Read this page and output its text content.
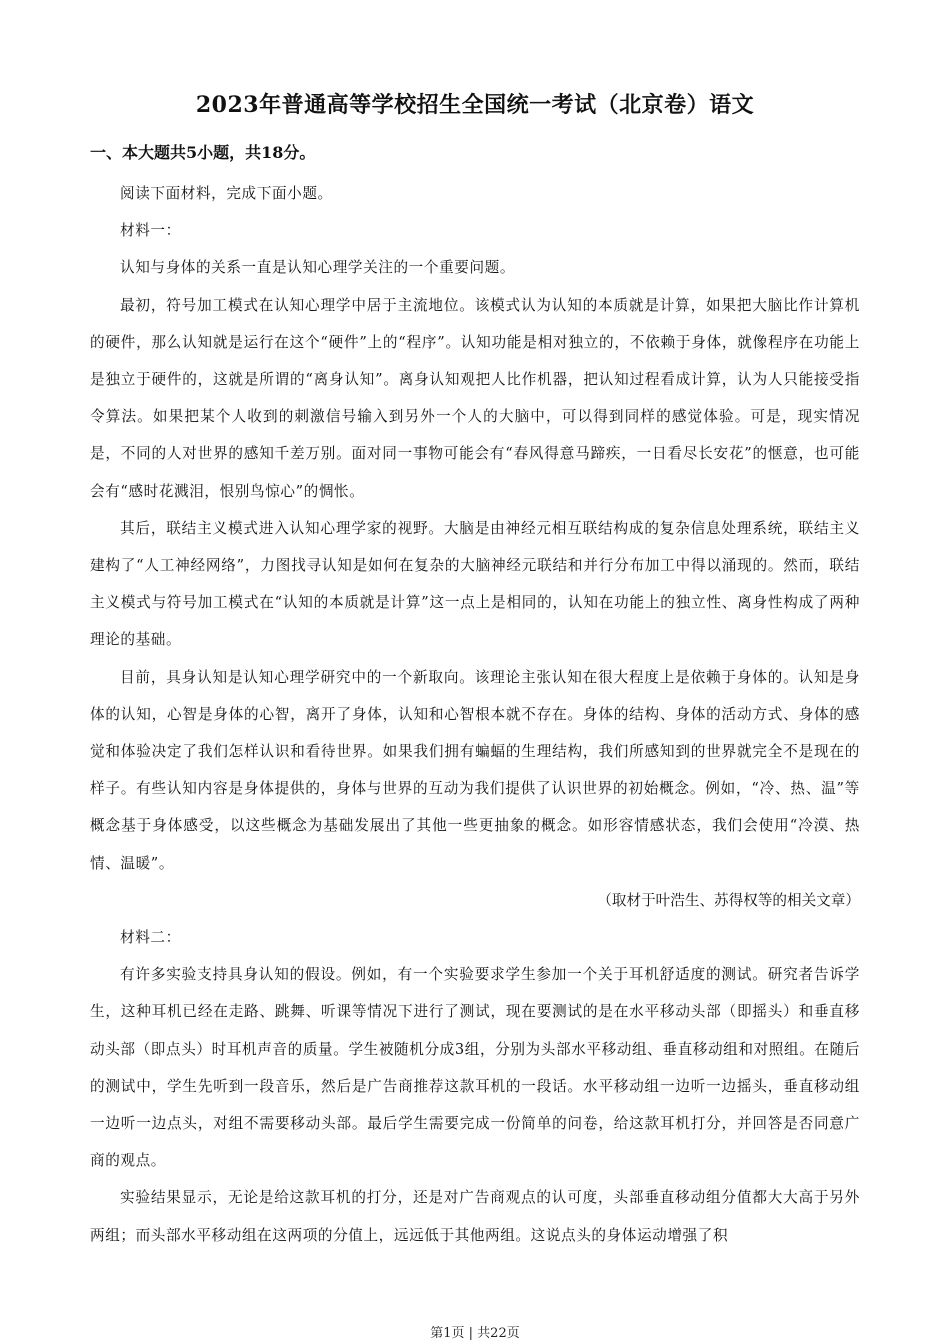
2023年普通高等学校招生全国统一考试（北京卷）语文
一、本大题共5小题，共18分。

阅读下面材料，完成下面小题。

材料一：

认知与身体的关系一直是认知心理学关注的一个重要问题。

最初，符号加工模式在认知心理学中居于主流地位。该模式认为认知的本质就是计算，如果把大脑比作计算机的硬件，那么认知就是运行在这个“硬件”上的“程序”。认知功能是相对独立的，不依赖于身体，就像程序在功能上是独立于硬件的，这就是所谓的“离身认知”。离身认知观把人比作机器，把认知过程看成计算，认为人只能接受指令算法。如果把某个人收到的刺激信号输入到另外一个人的大脑中，可以得到同样的感觉体验。可是，现实情况是，不同的人对世界的感知千差万别。面对同一事物可能会有“春风得意马蹄疾，一日看尽长安花”的惬意，也可能会有“感时花溅泪，恨别鸟惊心”的惆怅。

其后，联结主义模式进入认知心理学家的视野。大脑是由神经元相互联结构成的复杂信息处理系统，联结主义建构了“人工神经网络”，力图找寻认知是如何在复杂的大脑神经元联结和并行分布加工中得以涌现的。然而，联结主义模式与符号加工模式在“认知的本质就是计算”这一点上是相同的，认知在功能上的独立性、离身性构成了两种理论的基础。

目前，具身认知是认知心理学研究中的一个新取向。该理论主张认知在很大程度上是依赖于身体的。认知是身体的认知，心智是身体的心智，离开了身体，认知和心智根本就不存在。身体的结构、身体的活动方式、身体的感觉和体验决定了我们怎样认识和看待世界。如果我们拥有蝙蝠的生理结构，我们所感知到的世界就完全不是现在的样子。有些认知内容是身体提供的，身体与世界的互动为我们提供了认识世界的初始概念。例如，“冷、热、温”等概念基于身体感受，以这些概念为基础发展出了其他一些更抽象的概念。如形容情感状态，我们会使用“冷漠、热情、温暖”。

（取材于叶浩生、苏得权等的相关文章）

材料二：

有许多实验支持具身认知的假设。例如，有一个实验要求学生参加一个关于耳机舒适度的测试。研究者告诉学生，这种耳机已经在走路、跳舞、听课等情况下进行了测试，现在要测试的是在水平移动头部（即摇头）和垂直移动头部（即点头）时耳机声音的质量。学生被随机分成3组，分别为头部水平移动组、垂直移动组和对照组。在随后的测试中，学生先听到一段音乐，然后是广告商推荐这款耳机的一段话。水平移动组一边听一边摇头，垂直移动组一边听一边点头，对组不需要移动头部。最后学生需要完成一份简单的问卷，给这款耳机打分，并回答是否同意广商的观点。

实验结果显示，无论是给这款耳机的打分，还是对广告商观点的认可度，头部垂直移动组分值都大大高于另外两组；而头部水平移动组在这两项的分值上，远远低于其他两组。这说点头的身体运动增强了积

第1页 | 共22页
